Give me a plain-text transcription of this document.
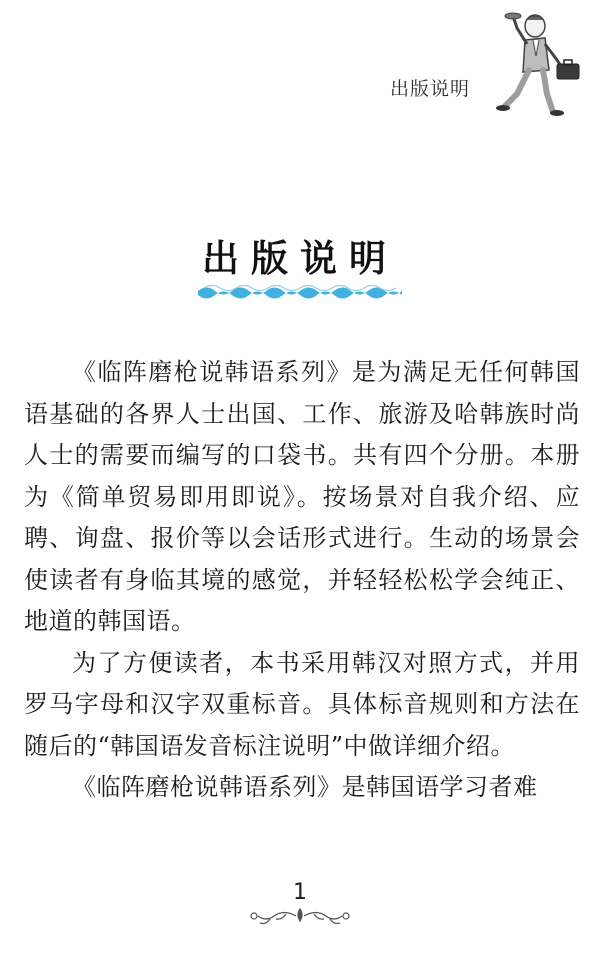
出版说明
出版说明

《临阵磨枪说韩语系列》是为满足无任何韩国语基础的各界人士出国、工作、旅游及哈韩族时尚人士的需要而编写的口袋书。共有四个分册。本册为《简单贸易即用即说》。按场景对自我介绍、应聘、询盘、报价等以会话形式进行。生动的场景会使读者有身临其境的感觉，并轻轻松松学会纯正、地道的韩国语。

为了方便读者，本书采用韩汉对照方式，并用罗马字母和汉字双重标音。具体标音规则和方法在随后的“韩国语发音标注说明”中做详细介绍。

《临阵磨枪说韩语系列》是韩国语学习者难

1
